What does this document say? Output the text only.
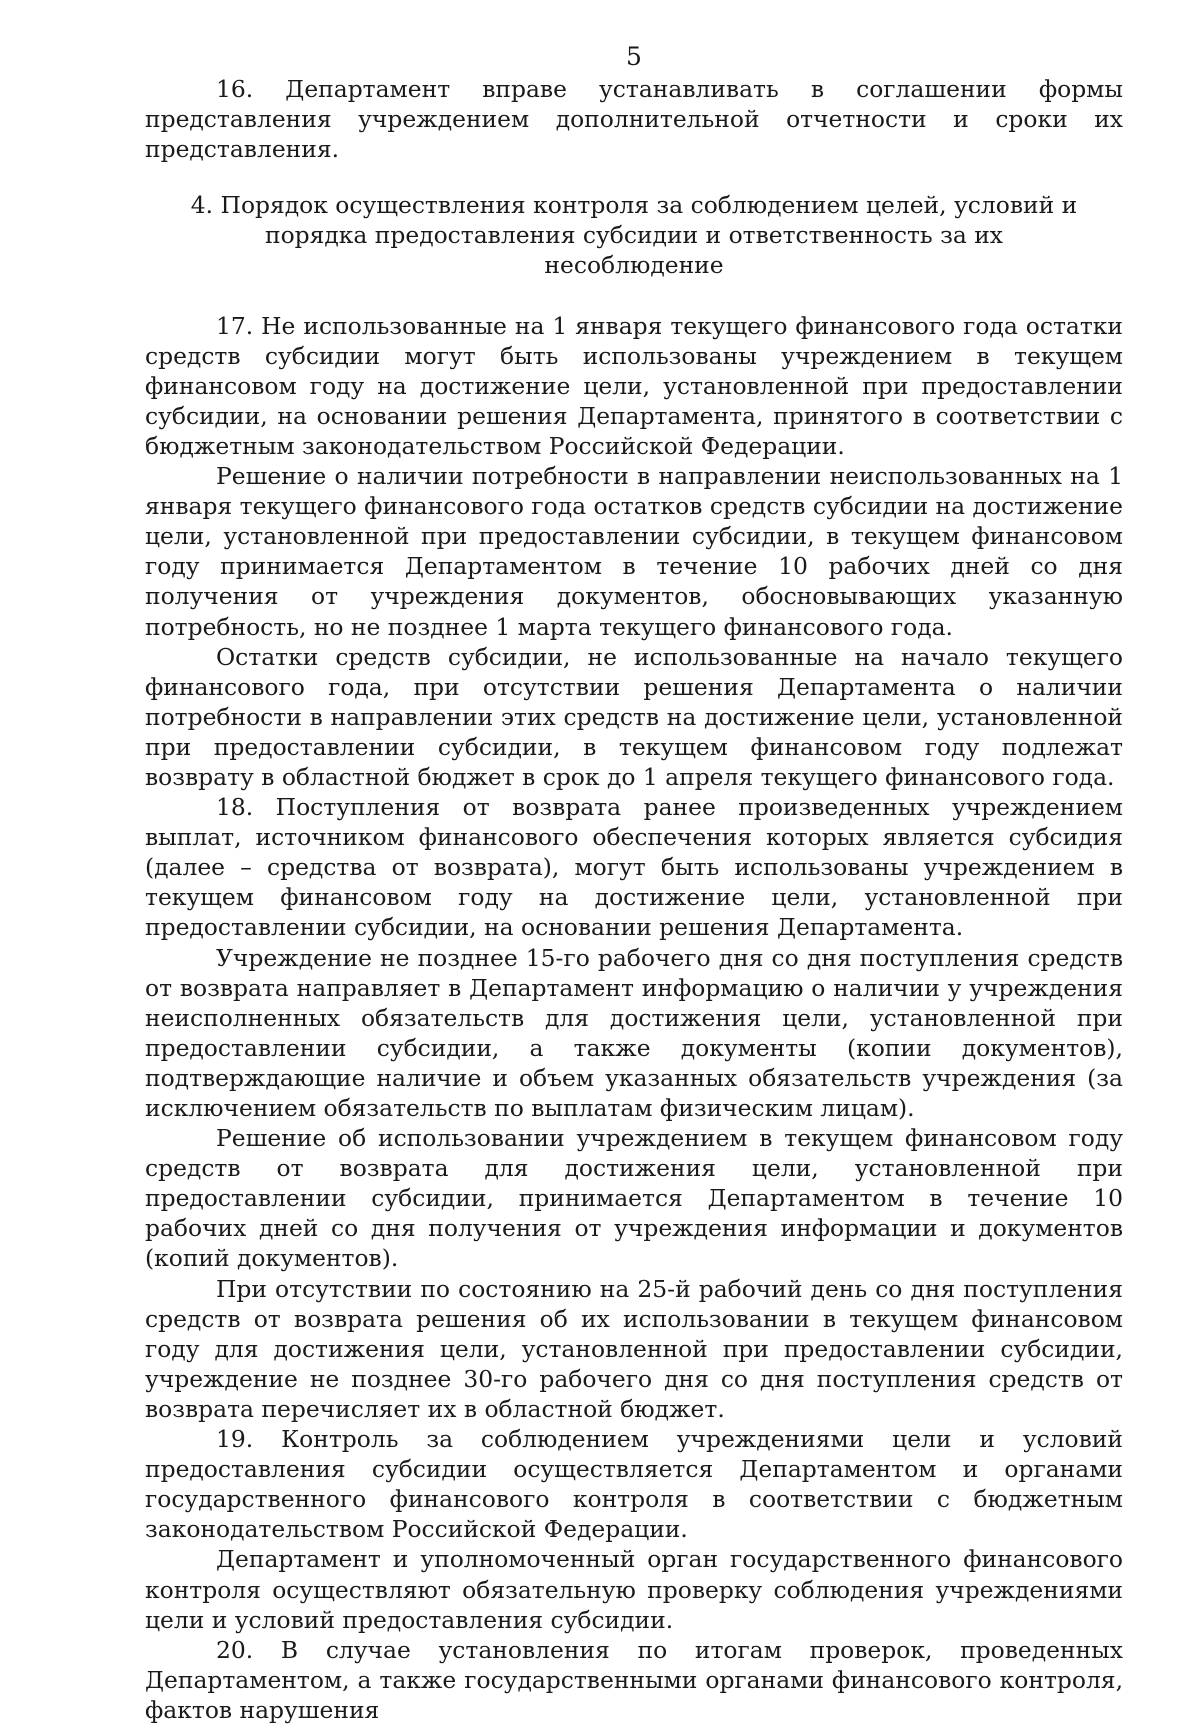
5

16. Департамент вправе устанавливать в соглашении формы представления учреждением дополнительной отчетности и сроки их представления.

4. Порядок осуществления контроля за соблюдением целей, условий и порядка предоставления субсидии и ответственность за их несоблюдение

17. Не использованные на 1 января текущего финансового года остатки средств субсидии могут быть использованы учреждением в текущем финансовом году на достижение цели, установленной при предоставлении субсидии, на основании решения Департамента, принятого в соответствии с бюджетным законодательством Российской Федерации.

Решение о наличии потребности в направлении неиспользованных на 1 января текущего финансового года остатков средств субсидии на достижение цели, установленной при предоставлении субсидии, в текущем финансовом году принимается Департаментом в течение 10 рабочих дней со дня получения от учреждения документов, обосновывающих указанную потребность, но не позднее 1 марта текущего финансового года.

Остатки средств субсидии, не использованные на начало текущего финансового года, при отсутствии решения Департамента о наличии потребности в направлении этих средств на достижение цели, установленной при предоставлении субсидии, в текущем финансовом году подлежат возврату в областной бюджет в срок до 1 апреля текущего финансового года.

18. Поступления от возврата ранее произведенных учреждением выплат, источником финансового обеспечения которых является субсидия (далее – средства от возврата), могут быть использованы учреждением в текущем финансовом году на достижение цели, установленной при предоставлении субсидии, на основании решения Департамента.

Учреждение не позднее 15-го рабочего дня со дня поступления средств от возврата направляет в Департамент информацию о наличии у учреждения неисполненных обязательств для достижения цели, установленной при предоставлении субсидии, а также документы (копии документов), подтверждающие наличие и объем указанных обязательств учреждения (за исключением обязательств по выплатам физическим лицам).

Решение об использовании учреждением в текущем финансовом году средств от возврата для достижения цели, установленной при предоставлении субсидии, принимается Департаментом в течение 10 рабочих дней со дня получения от учреждения информации и документов (копий документов).

При отсутствии по состоянию на 25-й рабочий день со дня поступления средств от возврата решения об их использовании в текущем финансовом году для достижения цели, установленной при предоставлении субсидии, учреждение не позднее 30-го рабочего дня со дня поступления средств от возврата перечисляет их в областной бюджет.

19. Контроль за соблюдением учреждениями цели и условий предоставления субсидии осуществляется Департаментом и органами государственного финансового контроля в соответствии с бюджетным законодательством Российской Федерации.

Департамент и уполномоченный орган государственного финансового контроля осуществляют обязательную проверку соблюдения учреждениями цели и условий предоставления субсидии.

20. В случае установления по итогам проверок, проведенных Департаментом, а также государственными органами финансового контроля, фактов нарушения
